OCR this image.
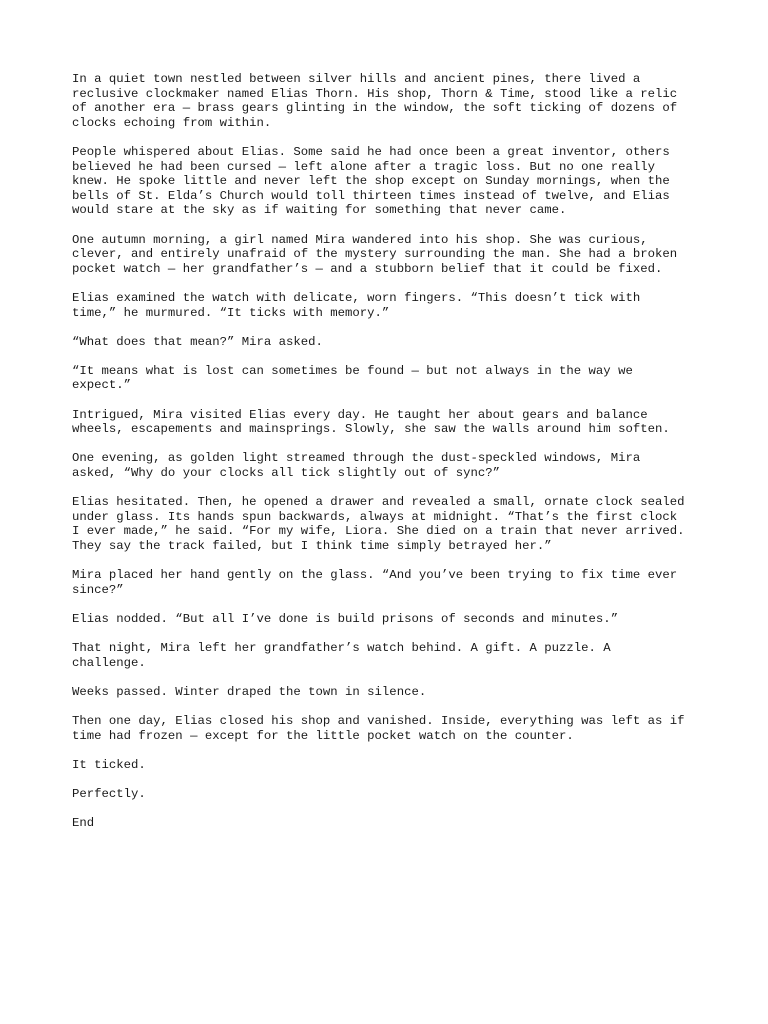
In a quiet town nestled between silver hills and ancient pines, there lived a
reclusive clockmaker named Elias Thorn. His shop, Thorn & Time, stood like a relic
of another era — brass gears glinting in the window, the soft ticking of dozens of
clocks echoing from within.

People whispered about Elias. Some said he had once been a great inventor, others
believed he had been cursed — left alone after a tragic loss. But no one really
knew. He spoke little and never left the shop except on Sunday mornings, when the
bells of St. Elda’s Church would toll thirteen times instead of twelve, and Elias
would stare at the sky as if waiting for something that never came.

One autumn morning, a girl named Mira wandered into his shop. She was curious,
clever, and entirely unafraid of the mystery surrounding the man. She had a broken
pocket watch — her grandfather’s — and a stubborn belief that it could be fixed.

Elias examined the watch with delicate, worn fingers. “This doesn’t tick with
time,” he murmured. “It ticks with memory.”

“What does that mean?” Mira asked.

“It means what is lost can sometimes be found — but not always in the way we
expect.”

Intrigued, Mira visited Elias every day. He taught her about gears and balance
wheels, escapements and mainsprings. Slowly, she saw the walls around him soften.

One evening, as golden light streamed through the dust-speckled windows, Mira
asked, “Why do your clocks all tick slightly out of sync?”

Elias hesitated. Then, he opened a drawer and revealed a small, ornate clock sealed
under glass. Its hands spun backwards, always at midnight. “That’s the first clock
I ever made,” he said. “For my wife, Liora. She died on a train that never arrived.
They say the track failed, but I think time simply betrayed her.”

Mira placed her hand gently on the glass. “And you’ve been trying to fix time ever
since?”

Elias nodded. “But all I’ve done is build prisons of seconds and minutes.”

That night, Mira left her grandfather’s watch behind. A gift. A puzzle. A
challenge.

Weeks passed. Winter draped the town in silence.

Then one day, Elias closed his shop and vanished. Inside, everything was left as if
time had frozen — except for the little pocket watch on the counter.

It ticked.

Perfectly.

End
